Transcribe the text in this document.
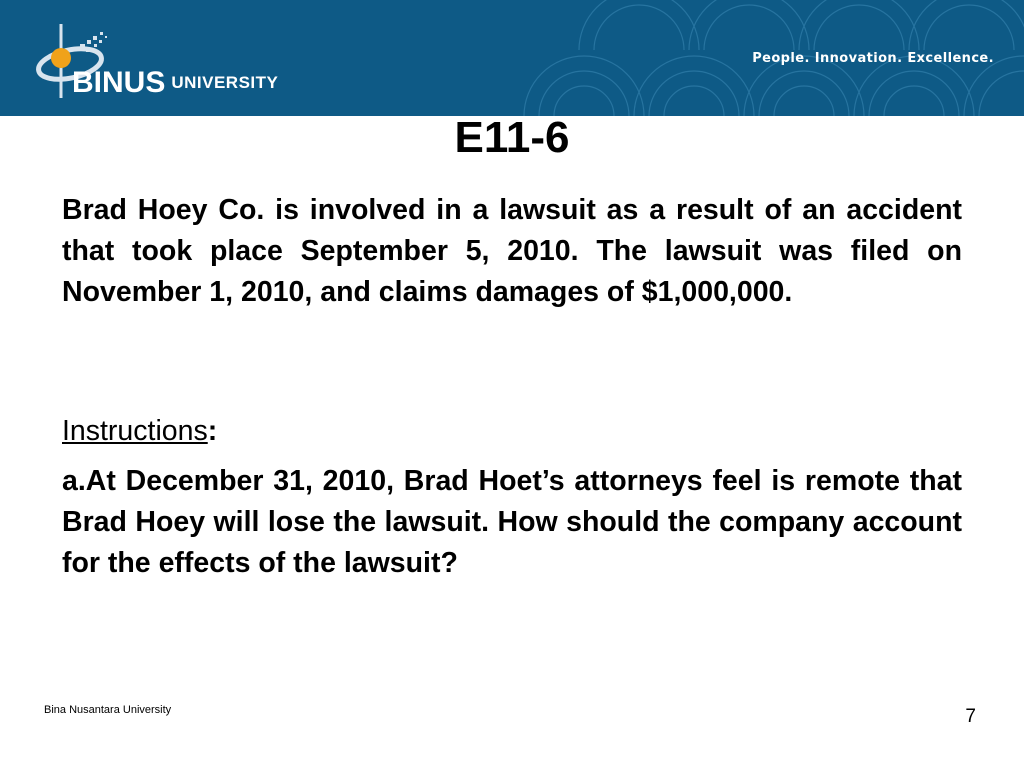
BINUS UNIVERSITY
People. Innovation. Excellence.
E11-6
Brad Hoey Co. is involved in a lawsuit as a result of an accident that took place September 5, 2010. The lawsuit was filed on November 1, 2010, and claims damages of $1,000,000.
Instructions:
a.At December 31, 2010, Brad Hoet’s attorneys feel is remote that Brad Hoey will lose the lawsuit. How should the company account for the effects of the lawsuit?
Bina Nusantara University	7
